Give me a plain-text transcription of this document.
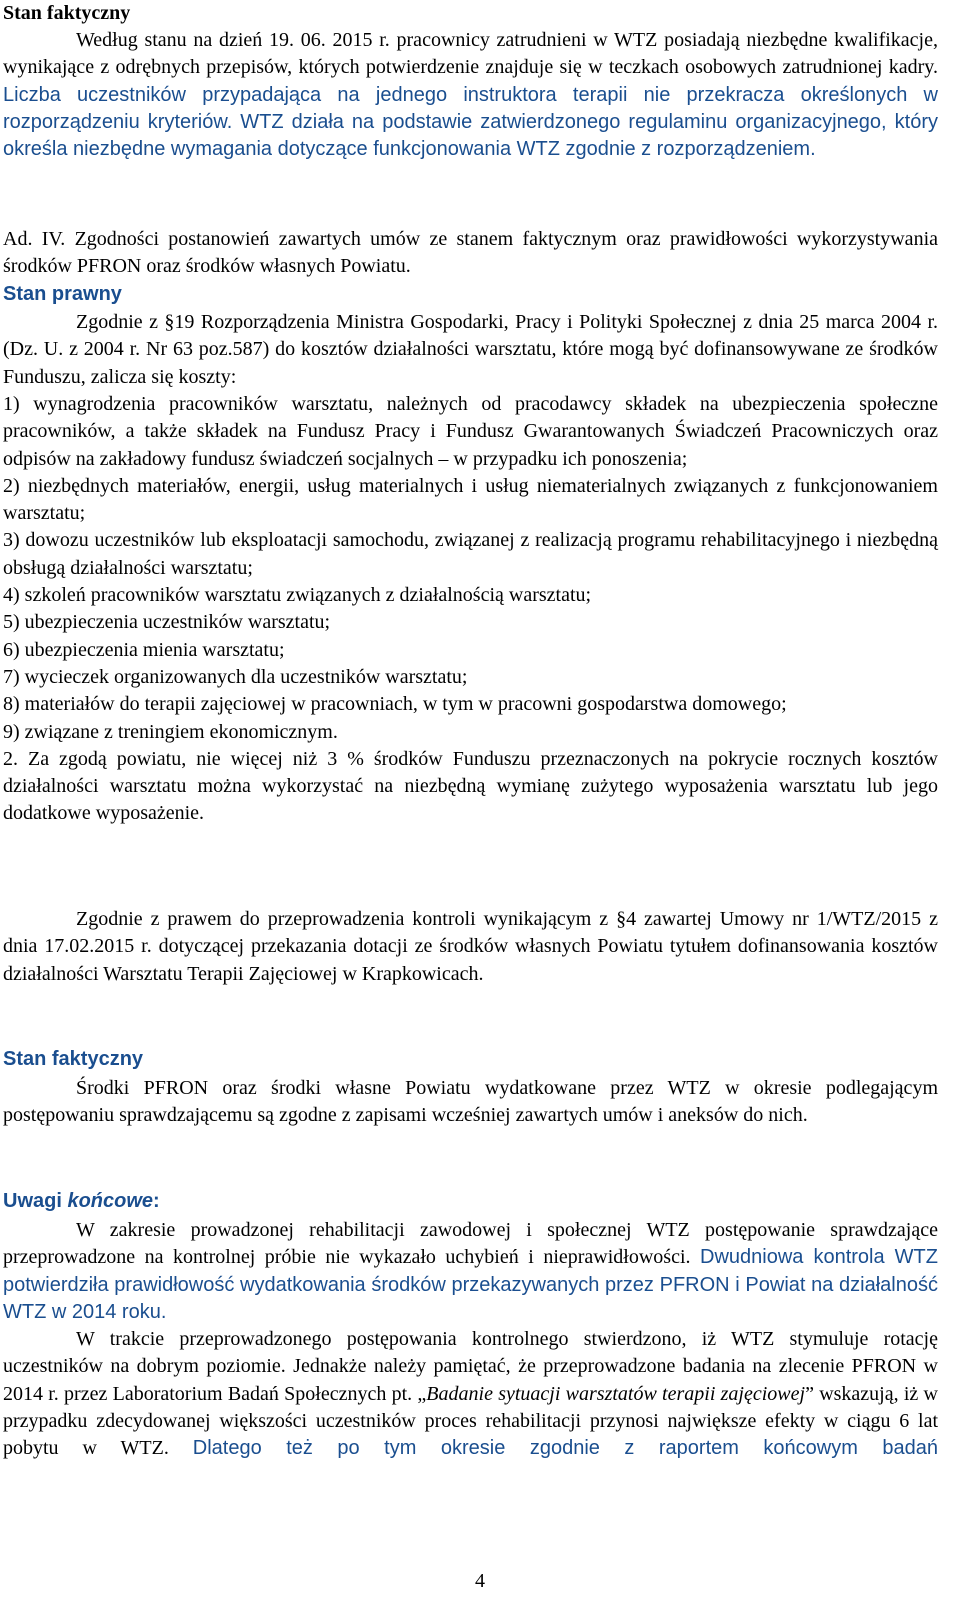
Stan faktyczny
Według stanu na dzień 19. 06. 2015 r. pracownicy zatrudnieni w WTZ posiadają niezbędne kwalifikacje, wynikające z odrębnych przepisów, których potwierdzenie znajduje się w teczkach osobowych zatrudnionej kadry. Liczba uczestników przypadająca na jednego instruktora terapii nie przekracza określonych w rozporządzeniu kryteriów. WTZ działa na podstawie zatwierdzonego regulaminu organizacyjnego, który określa niezbędne wymagania dotyczące funkcjonowania WTZ zgodnie z rozporządzeniem.
Ad. IV. Zgodności postanowień zawartych umów ze stanem faktycznym oraz prawidłowości wykorzystywania środków PFRON oraz środków własnych Powiatu.
Stan prawny
Zgodnie z §19 Rozporządzenia Ministra Gospodarki, Pracy i Polityki Społecznej z dnia 25 marca 2004 r. (Dz. U. z 2004 r. Nr 63 poz.587) do kosztów działalności warsztatu, które mogą być dofinansowywane ze środków Funduszu, zalicza się koszty:
1) wynagrodzenia pracowników warsztatu, należnych od pracodawcy składek na ubezpieczenia społeczne pracowników, a także składek na Fundusz Pracy i Fundusz Gwarantowanych Świadczeń Pracowniczych oraz odpisów na zakładowy fundusz świadczeń socjalnych – w przypadku ich ponoszenia;
2) niezbędnych materiałów, energii, usług materialnych i usług niematerialnych związanych z funkcjonowaniem warsztatu;
3) dowozu uczestników lub eksploatacji samochodu, związanej z realizacją programu rehabilitacyjnego i niezbędną obsługą działalności warsztatu;
4) szkoleń pracowników warsztatu związanych z działalnością warsztatu;
5) ubezpieczenia uczestników warsztatu;
6) ubezpieczenia mienia warsztatu;
7) wycieczek organizowanych dla uczestników warsztatu;
8) materiałów do terapii zajęciowej w pracowniach, w tym w pracowni gospodarstwa domowego;
9) związane z treningiem ekonomicznym.
2. Za zgodą powiatu, nie więcej niż 3 % środków Funduszu przeznaczonych na pokrycie rocznych kosztów działalności warsztatu można wykorzystać na niezbędną wymianę zużytego wyposażenia warsztatu lub jego dodatkowe wyposażenie.
Zgodnie z prawem do przeprowadzenia kontroli wynikającym z §4 zawartej Umowy nr 1/WTZ/2015 z dnia 17.02.2015 r. dotyczącej przekazania dotacji ze środków własnych Powiatu tytułem dofinansowania kosztów działalności Warsztatu Terapii Zajęciowej w Krapkowicach.
Stan faktyczny
Środki PFRON oraz środki własne Powiatu wydatkowane przez WTZ w okresie podlegającym postępowaniu sprawdzającemu są zgodne z zapisami wcześniej zawartych umów i aneksów do nich.
Uwagi końcowe:
W zakresie prowadzonej rehabilitacji zawodowej i społecznej WTZ postępowanie sprawdzające przeprowadzone na kontrolnej próbie nie wykazało uchybień i nieprawidłowości. Dwudniowa kontrola WTZ potwierdziła prawidłowość wydatkowania środków przekazywanych przez PFRON i Powiat na działalność WTZ w 2014 roku.
W trakcie przeprowadzonego postępowania kontrolnego stwierdzono, iż WTZ stymuluje rotację uczestników na dobrym poziomie. Jednakże należy pamiętać, że przeprowadzone badania na zlecenie PFRON w 2014 r. przez Laboratorium Badań Społecznych pt. „Badanie sytuacji warsztatów terapii zajęciowej” wskazują, iż w przypadku zdecydowanej większości uczestników proces rehabilitacji przynosi największe efekty w ciągu 6 lat pobytu w WTZ. Dlatego też po tym okresie zgodnie z raportem końcowym badań
4
